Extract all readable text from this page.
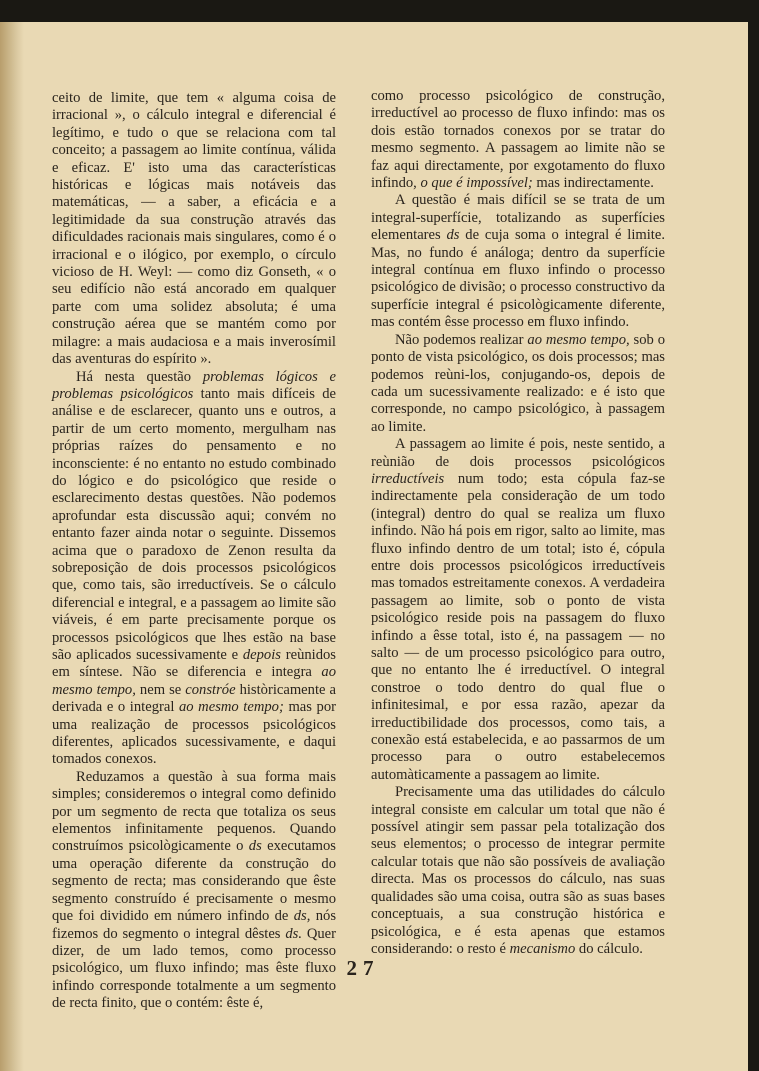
ceito de limite, que tem « alguma coisa de irracional », o cálculo integral e diferencial é legítimo, e tudo o que se relaciona com tal conceito; a passagem ao limite contínua, válida e eficaz. E' isto uma das características históricas e lógicas mais notáveis das matemáticas, — a saber, a eficácia e a legitimidade da sua construção através das dificuldades racionais mais singulares, como é o irracional e o ilógico, por exemplo, o círculo vicioso de H. Weyl: — como diz Gonseth, « o seu edifício não está ancorado em qualquer parte com uma solidez absoluta; é uma construção aérea que se mantém como por milagre: a mais audaciosa e a mais inverosímil das aventuras do espírito ».

Há nesta questão problemas lógicos e problemas psicológicos tanto mais difíceis de análise e de esclarecer, quanto uns e outros, a partir de um certo momento, mergulham nas próprias raízes do pensamento e no inconsciente: é no entanto no estudo combinado do lógico e do psicológico que reside o esclarecimento destas questões. Não podemos aprofundar esta discussão aqui; convém no entanto fazer ainda notar o seguinte. Dissemos acima que o paradoxo de Zenon resulta da sobreposição de dois processos psicológicos que, como tais, são irreductíveis. Se o cálculo diferencial e integral, e a passagem ao limite são viáveis, é em parte precisamente porque os processos psicológicos que lhes estão na base são aplicados sucessivamente e depois reùnidos em síntese. Não se diferencia e integra ao mesmo tempo, nem se constróe històricamente a derivada e o integral ao mesmo tempo; mas por uma realização de processos psicológicos diferentes, aplicados sucessivamente, e daqui tomados conexos.

Reduzamos a questão à sua forma mais simples; consideremos o integral como definido por um segmento de recta que totaliza os seus elementos infinitamente pequenos. Quando construímos psicològicamente o ds executamos uma operação diferente da construção do segmento de recta; mas considerando que êste segmento construído é precisamente o mesmo que foi dividido em número infindo de ds, nós fizemos do segmento o integral dêstes ds. Quer dizer, de um lado temos, como processo psicológico, um fluxo infindo; mas êste fluxo infindo corresponde totalmente a um segmento de recta finito, que o contém: êste é,

como processo psicológico de construção, irreductível ao processo de fluxo infindo: mas os dois estão tornados conexos por se tratar do mesmo segmento. A passagem ao limite não se faz aqui directamente, por exgotamento do fluxo infindo, o que é impossível; mas indirectamente.

A questão é mais difícil se se trata de um integral-superfície, totalizando as superfícies elementares ds de cuja soma o integral é limite. Mas, no fundo é análoga; dentro da superfície integral contínua em fluxo infindo o processo psicológico de divisão; o processo constructivo da superfície integral é psicològicamente diferente, mas contém êsse processo em fluxo infindo.

Não podemos realizar ao mesmo tempo, sob o ponto de vista psicológico, os dois processos; mas podemos reùni-los, conjugando-os, depois de cada um sucessivamente realizado: e é isto que corresponde, no campo psicológico, à passagem ao limite.

A passagem ao limite é pois, neste sentido, a reùnião de dois processos psicológicos irreductíveis num todo; esta cópula faz-se indirectamente pela consideração de um todo (integral) dentro do qual se realiza um fluxo infindo. Não há pois em rigor, salto ao limite, mas fluxo infindo dentro de um total; isto é, cópula entre dois processos psicológicos irreductíveis mas tomados estreitamente conexos. A verdadeira passagem ao limite, sob o ponto de vista psicológico reside pois na passagem do fluxo infindo a êsse total, isto é, na passagem — no salto — de um processo psicológico para outro, que no entanto lhe é irreductível. O integral constroe o todo dentro do qual flue o infinitesimal, e por essa razão, apezar da irreductibilidade dos processos, como tais, a conexão está estabelecida, e ao passarmos de um processo para o outro estabelecemos automàticamente a passagem ao limite.

Precisamente uma das utilidades do cálculo integral consiste em calcular um total que não é possível atingir sem passar pela totalização dos seus elementos; o processo de integrar permite calcular totais que não são possíveis de avaliação directa. Mas os processos do cálculo, nas suas qualidades são uma coisa, outra são as suas bases conceptuais, a sua construção histórica e psicológica, e é esta apenas que estamos considerando: o resto é mecanismo do cálculo.

27
